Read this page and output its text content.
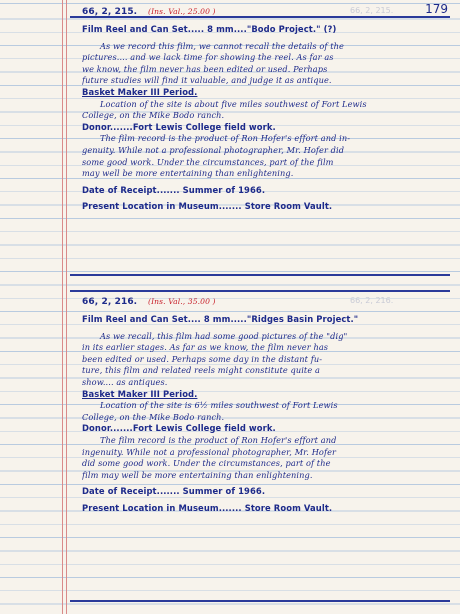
179
66, 2, 215.
66, 2, 216.
66, 2, 215. (Ins. Val., 25.00 )
Film Reel and Can Set..... 8 mm...."Bodo Project." (?)
As we record this film, we cannot recall the details of the
pictures.... and we lack time for showing the reel. As far as
we know, the film never has been edited or used. Perhaps
future studies will find it valuable, and judge it as antique.
Basket Maker III Period.
Location of the site is about five miles southwest of Fort Lewis
College, on the Mike Bodo ranch.
Donor.......Fort Lewis College field work.
The film record is the product of Ron Hofer's effort and in-
genuity. While not a professional photographer, Mr. Hofer did
some good work. Under the circumstances, part of the film
may well be more entertaining than enlightening.
Date of Receipt....... Summer of 1966.
Present Location in Museum....... Store Room Vault.
66, 2, 216. (Ins. Val., 35.00 )
Film Reel and Can Set.... 8 mm....."Ridges Basin Project."
As we recall, this film had some good pictures of the "dig"
in its earlier stages. As far as we know, the film never has
been edited or used. Perhaps some day in the distant fu-
ture, this film and related reels might constitute quite a
show.... as antiques.
Basket Maker III Period.
Location of the site is 6½ miles southwest of Fort Lewis
College, on the Mike Bodo ranch.
Donor.......Fort Lewis College field work.
The film record is the product of Ron Hofer's effort and
ingenuity. While not a professional photographer, Mr. Hofer
did some good work. Under the circumstances, part of the
film may well be more entertaining than enlightening.
Date of Receipt....... Summer of 1966.
Present Location in Museum....... Store Room Vault.
